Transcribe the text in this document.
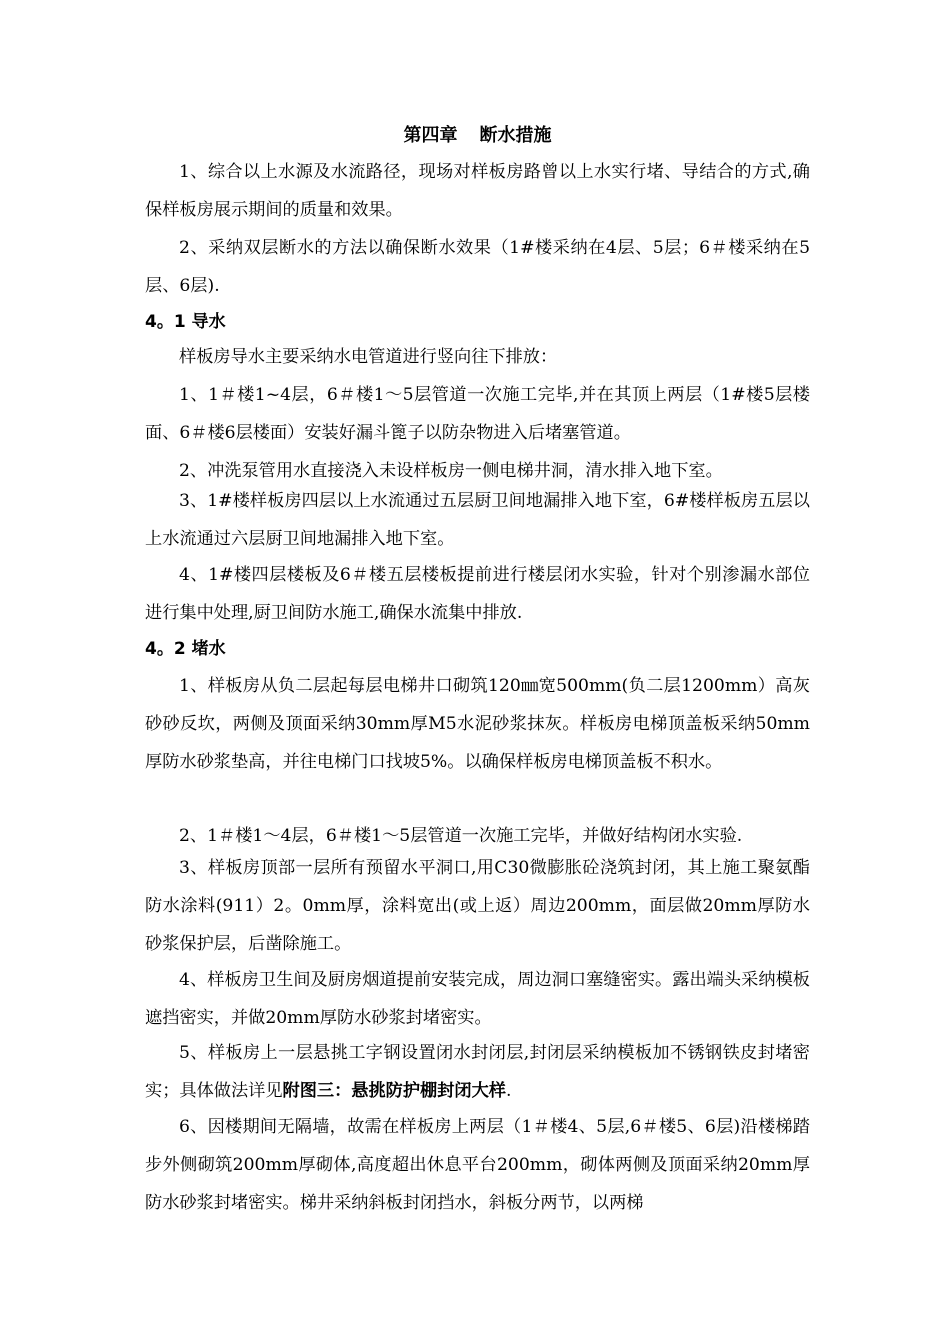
第四章 断水措施
1、综合以上水源及水流路径，现场对样板房路曾以上水实行堵、导结合的方式,确保样板房展示期间的质量和效果。
2、采纳双层断水的方法以确保断水效果（1#楼采纳在4层、5层；6＃楼采纳在5层、6层).
4。1 导水
样板房导水主要采纳水电管道进行竖向往下排放：
1、1＃楼1~4层，6＃楼1～5层管道一次施工完毕,并在其顶上两层（1#楼5层楼面、6＃楼6层楼面）安装好漏斗篦子以防杂物进入后堵塞管道。
2、冲洗泵管用水直接浇入未设样板房一侧电梯井洞，清水排入地下室。
3、1#楼样板房四层以上水流通过五层厨卫间地漏排入地下室，6#楼样板房五层以上水流通过六层厨卫间地漏排入地下室。
4、1#楼四层楼板及6＃楼五层楼板提前进行楼层闭水实验，针对个别渗漏水部位进行集中处理,厨卫间防水施工,确保水流集中排放.
4。2 堵水
1、样板房从负二层起每层电梯井口砌筑120㎜宽500mm(负二层1200mm）高灰砂砂反坎，两侧及顶面采纳30mm厚M5水泥砂浆抹灰。样板房电梯顶盖板采纳50mm厚防水砂浆垫高，并往电梯门口找坡5%。以确保样板房电梯顶盖板不积水。
2、1＃楼1～4层，6＃楼1～5层管道一次施工完毕，并做好结构闭水实验.
3、样板房顶部一层所有预留水平洞口,用C30微膨胀砼浇筑封闭，其上施工聚氨酯防水涂料(911）2。0mm厚，涂料宽出(或上返）周边200mm，面层做20mm厚防水砂浆保护层，后凿除施工。
4、样板房卫生间及厨房烟道提前安装完成，周边洞口塞缝密实。露出端头采纳模板遮挡密实，并做20mm厚防水砂浆封堵密实。
5、样板房上一层悬挑工字钢设置闭水封闭层,封闭层采纳模板加不锈钢铁皮封堵密实；具体做法详见附图三：悬挑防护棚封闭大样.
6、因楼期间无隔墙，故需在样板房上两层（1＃楼4、5层,6＃楼5、6层)沿楼梯踏步外侧砌筑200mm厚砌体,高度超出休息平台200mm，砌体两侧及顶面采纳20mm厚防水砂浆封堵密实。梯井采纳斜板封闭挡水，斜板分两节，以两梯
